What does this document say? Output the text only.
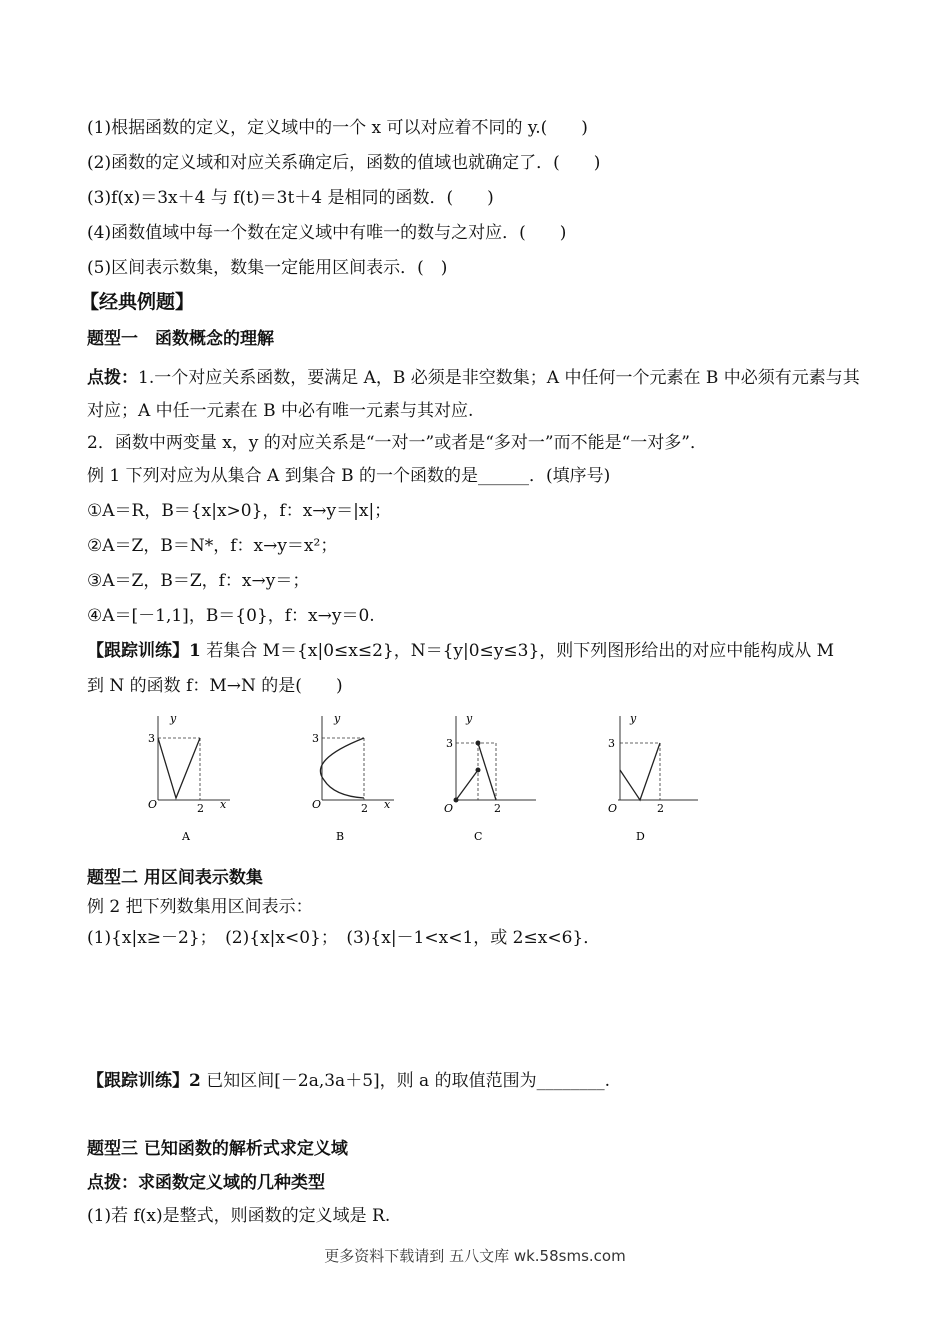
(1)根据函数的定义，定义域中的一个 x 可以对应着不同的 y.(　　)
(2)函数的定义域和对应关系确定后，函数的值域也就确定了．(　　)
(3)f(x)＝3x＋4 与 f(t)＝3t＋4 是相同的函数．(　　)
(4)函数值域中每一个数在定义域中有唯一的数与之对应．(　　)
(5)区间表示数集，数集一定能用区间表示．(　)
【经典例题】
题型一　函数概念的理解
点拨：1.一个对应关系函数，要满足 A，B 必须是非空数集；A 中任何一个元素在 B 中必须有元素与其对应；A 中任一元素在 B 中必有唯一元素与其对应.
2．函数中两变量 x，y 的对应关系是“一对一”或者是“多对一”而不能是“一对多”．
例 1 下列对应为从集合 A 到集合 B 的一个函数的是______．(填序号)
①A＝R，B＝{x|x>0}，f：x→y＝|x|；
②A＝Z，B＝N*，f：x→y＝x²；
③A＝Z，B＝Z，f：x→y＝；
④A＝[－1,1]，B＝{0}，f：x→y＝0.
【跟踪训练】1 若集合 M＝{x|0≤x≤2}，N＝{y|0≤y≤3}，则下列图形给出的对应中能构成从 M
到 N 的函数 f：M→N 的是(　　)
y
3
O	2 x
A
y
3
O	2 x
B
y
3
O	2
C
y
3
O	2
D
题型二 用区间表示数集
例 2 把下列数集用区间表示：
(1){x|x≥－2}；　(2){x|x<0}；　(3){x|－1<x<1，或 2≤x<6}．
【跟踪训练】2 已知区间[－2a,3a＋5]，则 a 的取值范围为________.
题型三 已知函数的解析式求定义域
点拨：求函数定义域的几种类型
(1)若 f(x)是整式，则函数的定义域是 R.
更多资料下载请到 五八文库 wk.58sms.com
